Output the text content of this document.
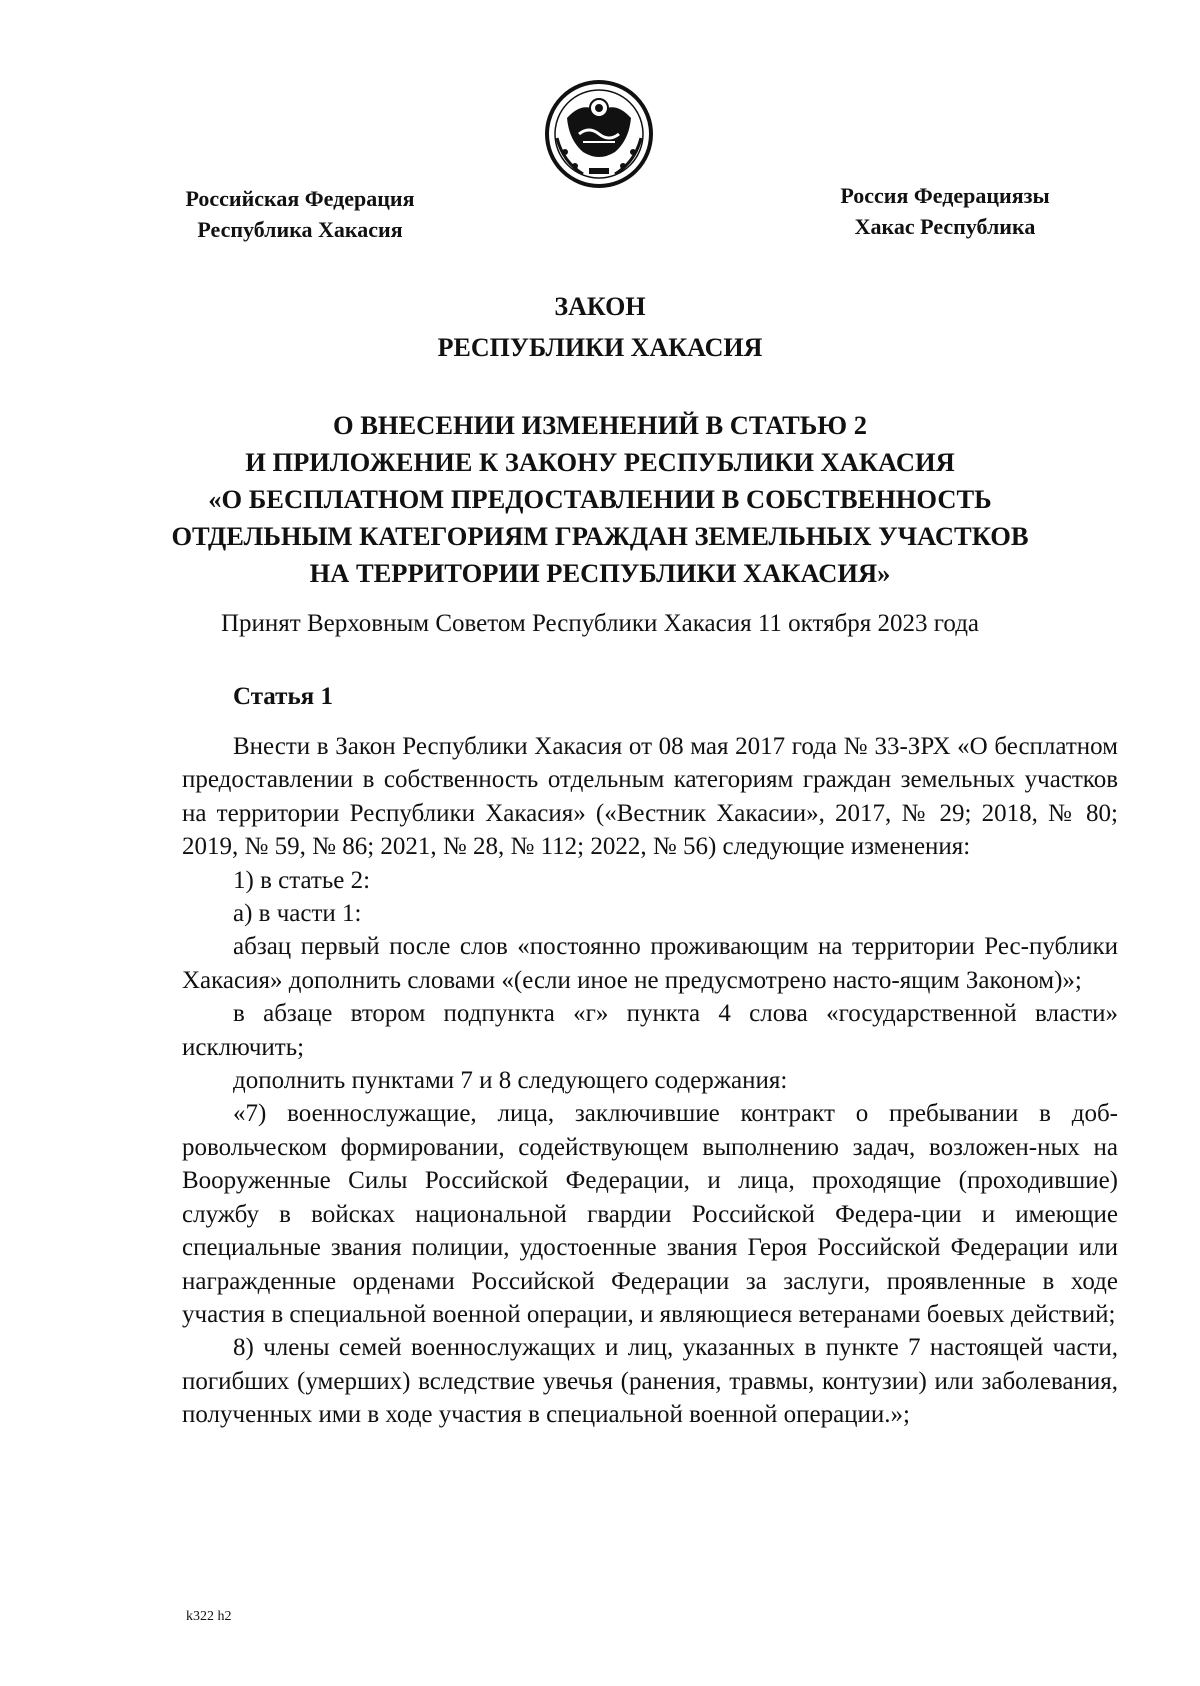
Российская Федерация
Республика Хакасия
Россия Федерациязы
Хакас Республика
ЗАКОН
РЕСПУБЛИКИ ХАКАСИЯ
О ВНЕСЕНИИ ИЗМЕНЕНИЙ В СТАТЬЮ 2
И ПРИЛОЖЕНИЕ К ЗАКОНУ РЕСПУБЛИКИ ХАКАСИЯ
«О БЕСПЛАТНОМ ПРЕДОСТАВЛЕНИИ В СОБСТВЕННОСТЬ
ОТДЕЛЬНЫМ КАТЕГОРИЯМ ГРАЖДАН ЗЕМЕЛЬНЫХ УЧАСТКОВ
НА ТЕРРИТОРИИ РЕСПУБЛИКИ ХАКАСИЯ»
Принят Верховным Советом Республики Хакасия 11 октября 2023 года
Статья 1

Внести в Закон Республики Хакасия от 08 мая 2017 года № 33-ЗРХ «О бесплатном предоставлении в собственность отдельным категориям граждан земельных участков на территории Республики Хакасия» («Вестник Хакасии», 2017, № 29; 2018, № 80; 2019, № 59, № 86; 2021, № 28, № 112; 2022, № 56) следующие изменения:

1) в статье 2:

а) в части 1:

абзац первый после слов «постоянно проживающим на территории Рес-публики Хакасия» дополнить словами «(если иное не предусмотрено насто-ящим Законом)»;

в абзаце втором подпункта «г» пункта 4 слова «государственной власти» исключить;

дополнить пунктами 7 и 8 следующего содержания:

«7) военнослужащие, лица, заключившие контракт о пребывании в доб-ровольческом формировании, содействующем выполнению задач, возложен-ных на Вооруженные Силы Российской Федерации, и лица, проходящие (проходившие) службу в войсках национальной гвардии Российской Федера-ции и имеющие специальные звания полиции, удостоенные звания Героя Российской Федерации или награжденные орденами Российской Федерации за заслуги, проявленные в ходе участия в специальной военной операции, и являющиеся ветеранами боевых действий;

8) члены семей военнослужащих и лиц, указанных в пункте 7 настоящей части, погибших (умерших) вследствие увечья (ранения, травмы, контузии) или заболевания, полученных ими в ходе участия в специальной военной операции.»;

k322 h2
